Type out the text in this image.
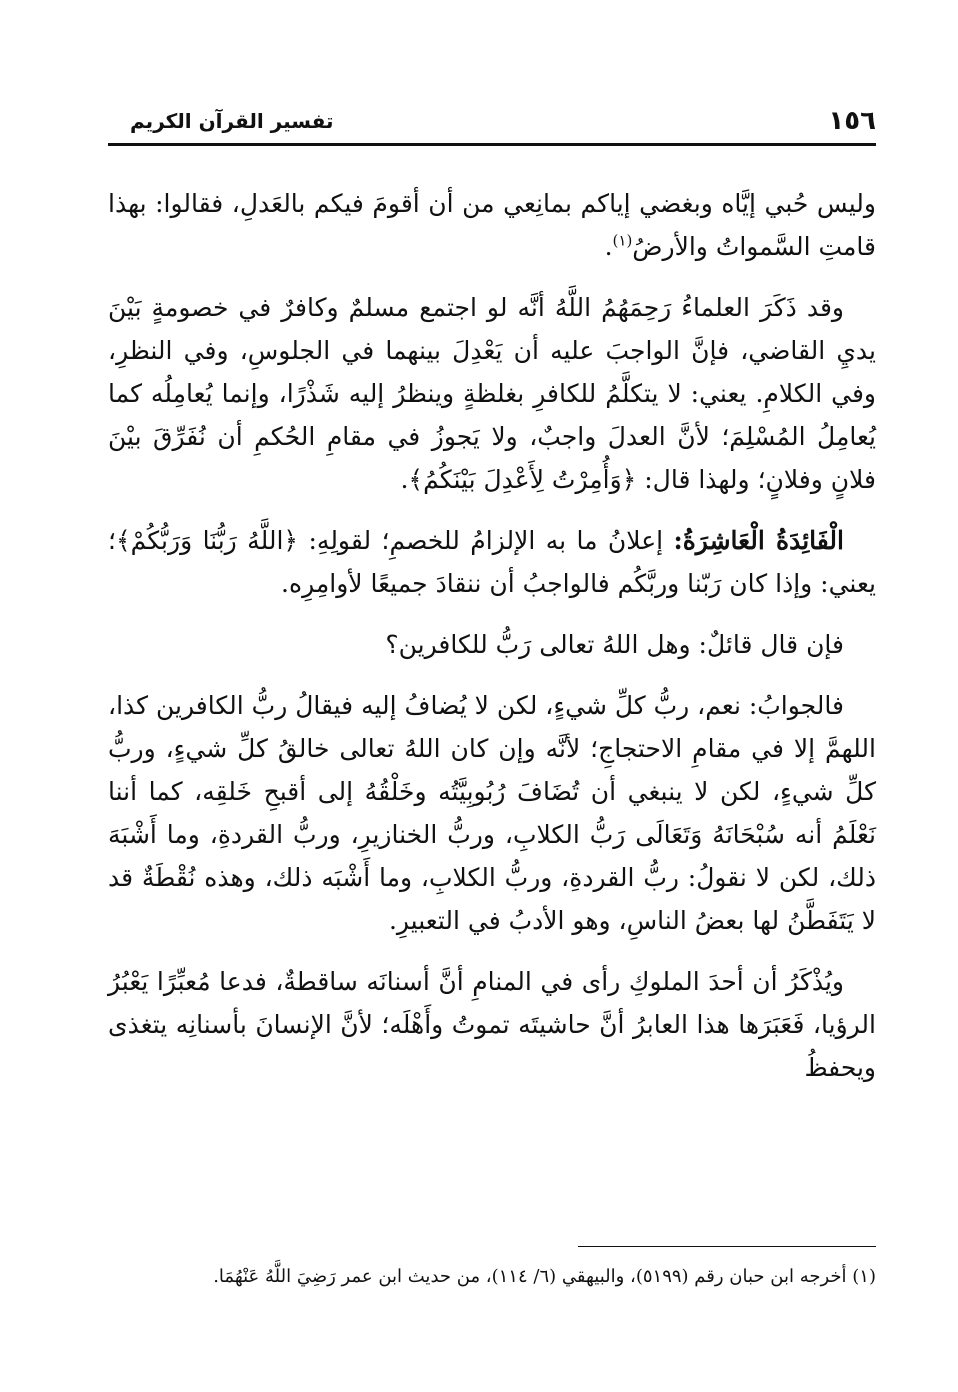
١٥٦
تفسير القرآن الكريم

وليس حُبي إيَّاه وبغضي إياكم بمانِعي من أن أقومَ فيكم بالعَدلِ، فقالوا: بهذا قامتِ السَّمواتُ والأرضُ$^{(١)}$.

وقد ذَكَرَ العلماءُ رَحِمَهُمُ اللَّهُ أنَّه لو اجتمع مسلمٌ وكافرٌ في خصومةٍ بَيْنَ يديِ القاضي، فإنَّ الواجبَ عليه أن يَعْدِلَ بينهما في الجلوسِ، وفي النظرِ، وفي الكلامِ. يعني: لا يتكلَّمُ للكافرِ بغلظةٍ وينظرُ إليه شَذْرًا، وإنما يُعامِلُه كما يُعامِلُ المُسْلِمَ؛ لأنَّ العدلَ واجبٌ، ولا يَجوزُ في مقامِ الحُكمِ أن نُفَرِّقَ بيْنَ فلانٍ وفلانٍ؛ ولهذا قال: ﴿وَأُمِرْتُ لِأَعْدِلَ بَيْنَكُمُ﴾.

الْفَائِدَةُ الْعَاشِرَةُ: إعلانُ ما به الإلزامُ للخصمِ؛ لقولِهِ: ﴿اللَّهُ رَبُّنَا وَرَبُّكُمْ﴾؛ يعني: وإذا كان رَبّنا وربَّكُم فالواجبُ أن ننقادَ جميعًا لأوامِرِه.

فإن قال قائلٌ: وهل اللهُ تعالى رَبُّ للكافرين؟

فالجوابُ: نعم، ربُّ كلِّ شيءٍ، لكن لا يُضافُ إليه فيقالُ ربُّ الكافرين كذا، اللهمَّ إلا في مقامِ الاحتجاجِ؛ لأنَّه وإن كان اللهُ تعالى خالقُ كلِّ شيءٍ، وربُّ كلِّ شيءٍ، لكن لا ينبغي أن تُضَافَ رُبُوبِيَّتُه وخَلْقُهُ إلى أقبحِ خَلقِه، كما أننا نَعْلَمُ أنه سُبْحَانَهُ وَتَعَالَى رَبُّ الكلابِ، وربُّ الخنازيرِ، وربُّ القردةِ، وما أَشْبَهَ ذلك، لكن لا نقولُ: ربُّ القردةِ، وربُّ الكلابِ، وما أَشْبَه ذلك، وهذه نُقْطَةٌ قد لا يَتَفَطَّنُ لها بعضُ الناسِ، وهو الأدبُ في التعبيرِ.

ويُذْكَرُ أن أحدَ الملوكِ رأى في المنامِ أنَّ أسنانَه ساقطةٌ، فدعا مُعبِّرًا يَعْبُرُ الرؤيا، فَعَبَرَها هذا العابرُ أنَّ حاشيتَه تموتُ وأَهْلَه؛ لأنَّ الإنسانَ بأسنانِه يتغذى ويحفظُ

(١) أخرجه ابن حبان رقم (٥١٩٩)، والبيهقي (٦/ ١١٤)، من حديث ابن عمر رَضِيَ اللَّهُ عَنْهُمَا.
